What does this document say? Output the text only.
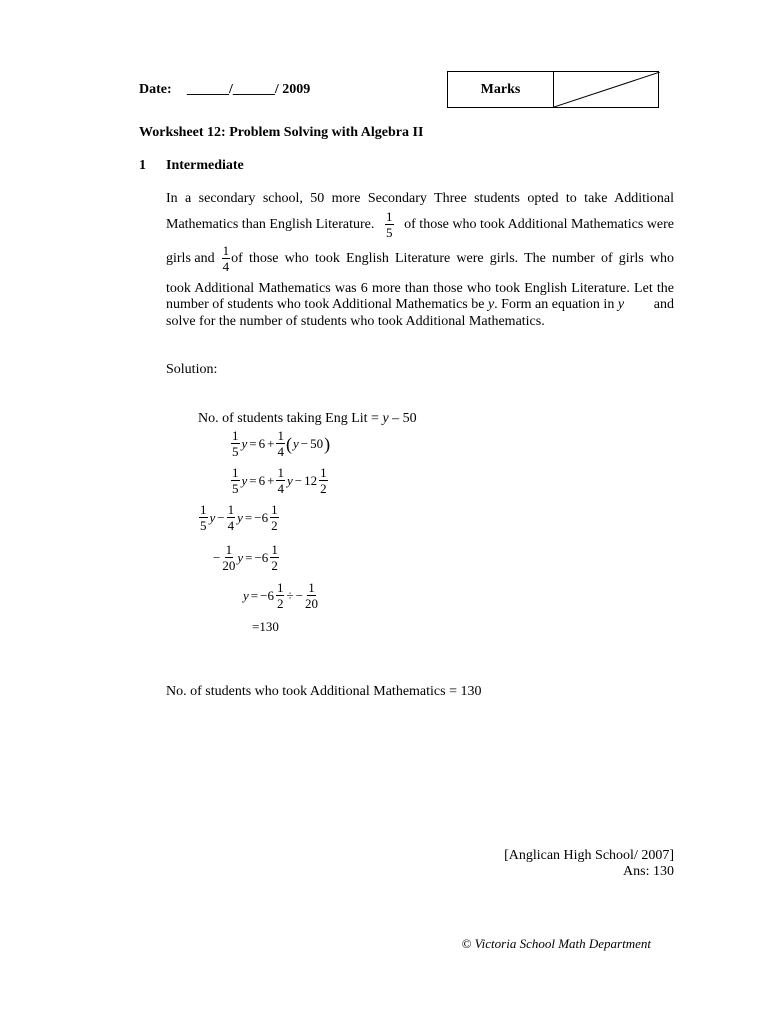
Date: ______/______/ 2009	Marks
Worksheet 12: Problem Solving with Algebra II
1 Intermediate
In a secondary school, 50 more Secondary Three students opted to take Additional
Mathematics than English Literature. $\frac{1}{5}$ of those who took Additional Mathematics were
girls and $\frac{1}{4}$ of those who took English Literature were girls. The number of girls who
took Additional Mathematics was 6 more than those who took English Literature. Let the
number of students who took Additional Mathematics be y. Form an equation in y and
solve for the number of students who took Additional Mathematics.
Solution:
No. of students taking Eng Lit = y – 50
$\frac{1}{5}$ $y = 6 + \frac{1}{4}$ ( y − 50 )
$\frac{1}{5}$ $y = 6 + \frac{1}{4}$ $y - 12 \frac{1}{2}$
$\frac{1}{5}$ $y - \frac{1}{4}$ $y = -6 \frac{1}{2}$
− $\frac{1}{20}$ $y = -6 \frac{1}{2}$
$y = -6 \frac{1}{2}$ ÷ − $\frac{1}{20}$
=130
No. of students who took Additional Mathematics = 130
[Anglican High School/ 2007]
Ans: 130
© Victoria School Math Department
